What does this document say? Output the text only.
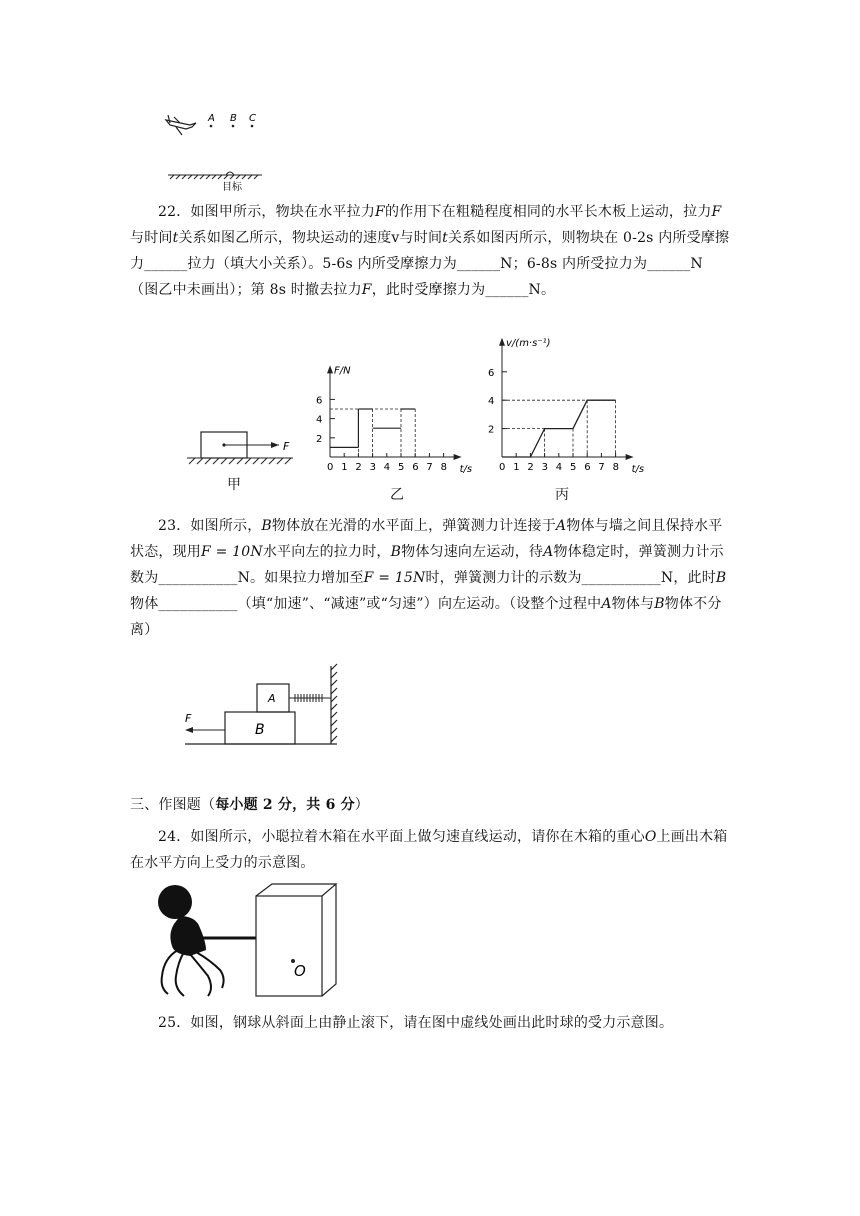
A B C
目标
22．如图甲所示，物块在水平拉力F的作用下在粗糙程度相同的水平长木板上运动，拉力F与时间t关系如图乙所示，物块运动的速度v与时间t关系如图丙所示，则物块在 0-2s 内所受摩擦力______拉力（填大小关系）。5-6s 内所受摩擦力为______N；6-8s 内所受拉力为______N（图乙中未画出）；第 8s 时撤去拉力F，此时受摩擦力为______N。
F
甲
0 1 2 3 4 5 6 7 8
2
4
6
t/s
F/N
乙
0 1 2 3 4 5 6 7 8
2
4
6
t/s
v/(m·s⁻¹)
丙
23．如图所示，B物体放在光滑的水平面上，弹簧测力计连接于A物体与墙之间且保持水平状态，现用F = 10N水平向左的拉力时，B物体匀速向左运动，待A物体稳定时，弹簧测力计示数为___________N。如果拉力增加至F = 15N时，弹簧测力计的示数为___________N，此时B物体___________（填“加速”、“减速”或“匀速”）向左运动。（设整个过程中A物体与B物体不分离）
B
A
F
三、作图题（每小题 2 分，共 6 分）
24．如图所示，小聪拉着木箱在水平面上做匀速直线运动，请你在木箱的重心O上画出木箱在水平方向上受力的示意图。
O
25．如图，钢球从斜面上由静止滚下，请在图中虚线处画出此时球的受力示意图。
